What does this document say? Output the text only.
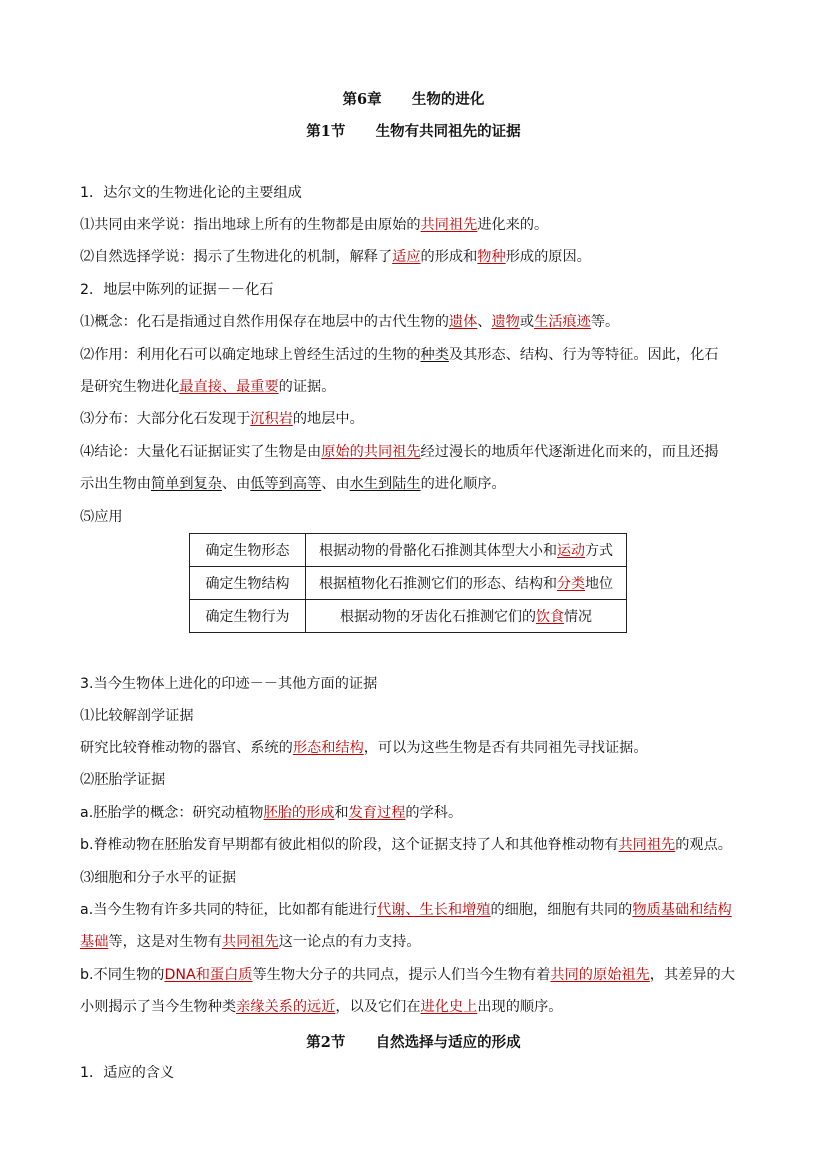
第6章      生物的进化
第1节      生物有共同祖先的证据
1．达尔文的生物进化论的主要组成
⑴共同由来学说：指出地球上所有的生物都是由原始的共同祖先进化来的。
⑵自然选择学说：揭示了生物进化的机制，解释了适应的形成和物种形成的原因。
2．地层中陈列的证据－－化石
⑴概念：化石是指通过自然作用保存在地层中的古代生物的遗体、遗物或生活痕迹等。
⑵作用：利用化石可以确定地球上曾经生活过的生物的种类及其形态、结构、行为等特征。因此，化石
是研究生物进化最直接、最重要的证据。
⑶分布：大部分化石发现于沉积岩的地层中。
⑷结论：大量化石证据证实了生物是由原始的共同祖先经过漫长的地质年代逐渐进化而来的，而且还揭
示出生物由简单到复杂、由低等到高等、由水生到陆生的进化顺序。
⑸应用
确定生物形态	根据动物的骨骼化石推测其体型大小和运动方式
确定生物结构	根据植物化石推测它们的形态、结构和分类地位
确定生物行为	根据动物的牙齿化石推测它们的饮食情况
3.当今生物体上进化的印迹－－其他方面的证据
⑴比较解剖学证据
研究比较脊椎动物的器官、系统的形态和结构，可以为这些生物是否有共同祖先寻找证据。
⑵胚胎学证据
a.胚胎学的概念：研究动植物胚胎的形成和发育过程的学科。
b.脊椎动物在胚胎发育早期都有彼此相似的阶段，这个证据支持了人和其他脊椎动物有共同祖先的观点。
⑶细胞和分子水平的证据
a.当今生物有许多共同的特征，比如都有能进行代谢、生长和增殖的细胞，细胞有共同的物质基础和结构
基础等，这是对生物有共同祖先这一论点的有力支持。
b.不同生物的DNA和蛋白质等生物大分子的共同点，提示人们当今生物有着共同的原始祖先，其差异的大
小则揭示了当今生物种类亲缘关系的远近，以及它们在进化史上出现的顺序。
第2节      自然选择与适应的形成
1．适应的含义
